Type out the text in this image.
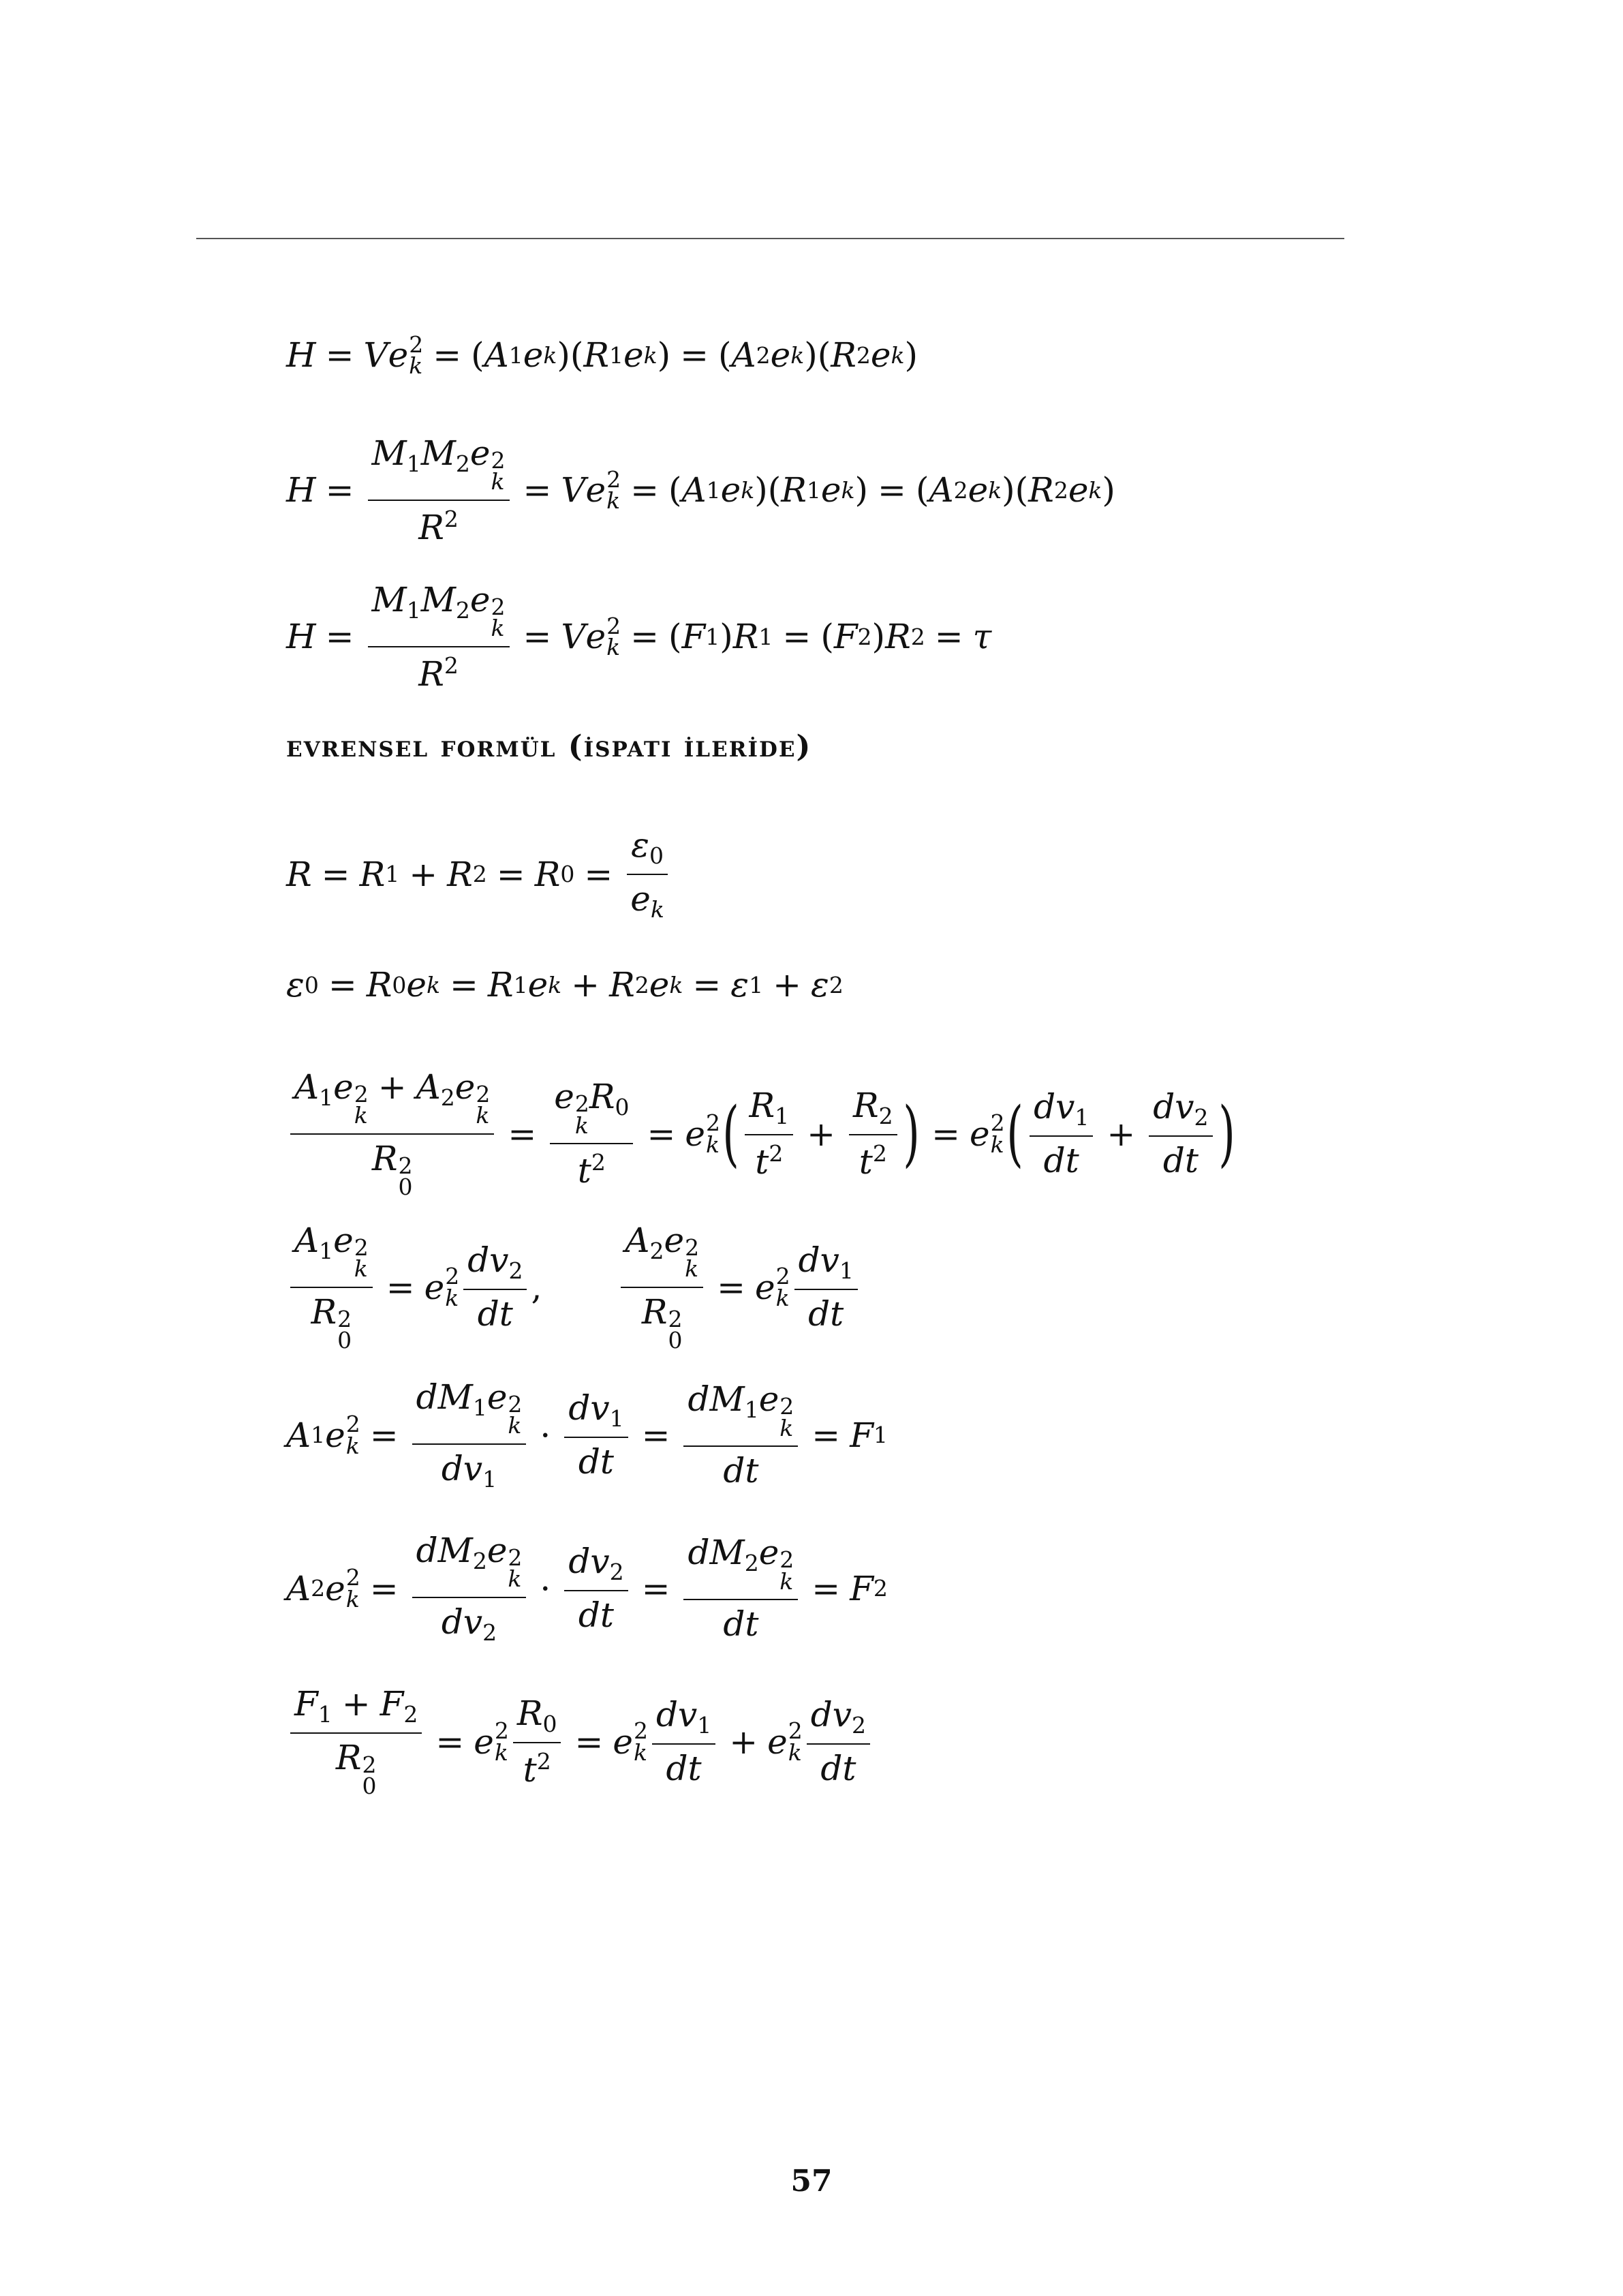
H = V e 2
k = ( A 1 e k )( R 1 e k ) = ( A 2 e k )( R 2 e k )
H = M1M2e 2
k
$R^2 = V$ e 2
k = ( A 1 e k )( R 1 e k ) = ( A 2 e k )( R 2 e k )
H = M1M2e 2
k
$R^2 = V$ e 2
k = ( F 1 ) R 1 = ( F 2 ) R 2 = τ
evrensel formül (i̇spati i̇leri̇de)
R = R 1 + R 2 = R $0 = \frac{\varepsilon 0}{ek}$
ε 0 = R 0 e k = R 1 e k + R 2 e k = ε 1 + ε 2
A1e 2
k
+ A2e 2
k
R 2
0 = e 2
k
R0
$t^2 = e$ 2
k ( $\frac{R1}{t^2} + \frac{R2}{t^2}$ ) = e 2
k ( $\frac{dv1}{dt} + \frac{dv2}{dt}$ )
A1e 2
k
R 2
0 = e 2
k $\frac{dv2}{dt}$ , A2e 2
k
R 2
0 = e 2
k $\frac{dv1}{dt}$
A 1 e 2
k = dM1e 2
k
$dv1 \cdot \frac{dv1}{dt} = dM1e$ 2
k
dt = F 1
A 2 e 2
k = dM2e 2
k
$dv2 \cdot \frac{dv2}{dt} = dM2e$ 2
k
dt = F 2
F1 + F2
R 2
0 = e 2
k $\frac{R0}{t^2} = e$ 2
k $\frac{dv1}{dt} + e$ 2
k $\frac{dv2}{dt}$
57
